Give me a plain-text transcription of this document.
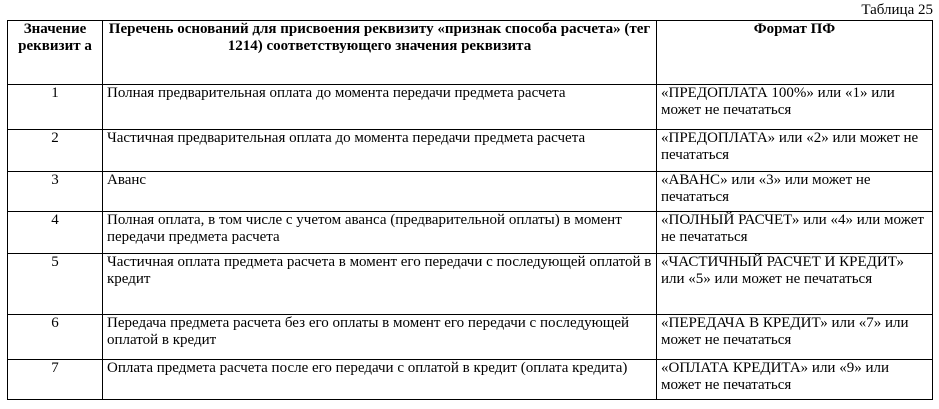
Таблица 25
Значение реквизит а	Перечень оснований для присвоения реквизиту «признак способа расчета» (тег 1214) соответствующего значения реквизита	Формат ПФ
1	Полная предварительная оплата до момента передачи предмета расчета	«ПРЕДОПЛАТА 100%» или «1» или может не печататься
2	Частичная предварительная оплата до момента передачи предмета расчета	«ПРЕДОПЛАТА» или «2» или может не печататься
3	Аванс	«АВАНС» или «3» или может не печататься
4	Полная оплата, в том числе с учетом аванса (предварительной оплаты) в момент передачи предмета расчета	«ПОЛНЫЙ РАСЧЕТ» или «4» или может не печататься
5	Частичная оплата предмета расчета в момент его передачи с последующей оплатой в кредит	«ЧАСТИЧНЫЙ РАСЧЕТ И КРЕДИТ» или «5» или может не печататься
6	Передача предмета расчета без его оплаты в момент его передачи с последующей оплатой в кредит	«ПЕРЕДАЧА В КРЕДИТ» или «7» или может не печататься
7	Оплата предмета расчета после его передачи с оплатой в кредит (оплата кредита)	«ОПЛАТА КРЕДИТА» или «9» или может не печататься
